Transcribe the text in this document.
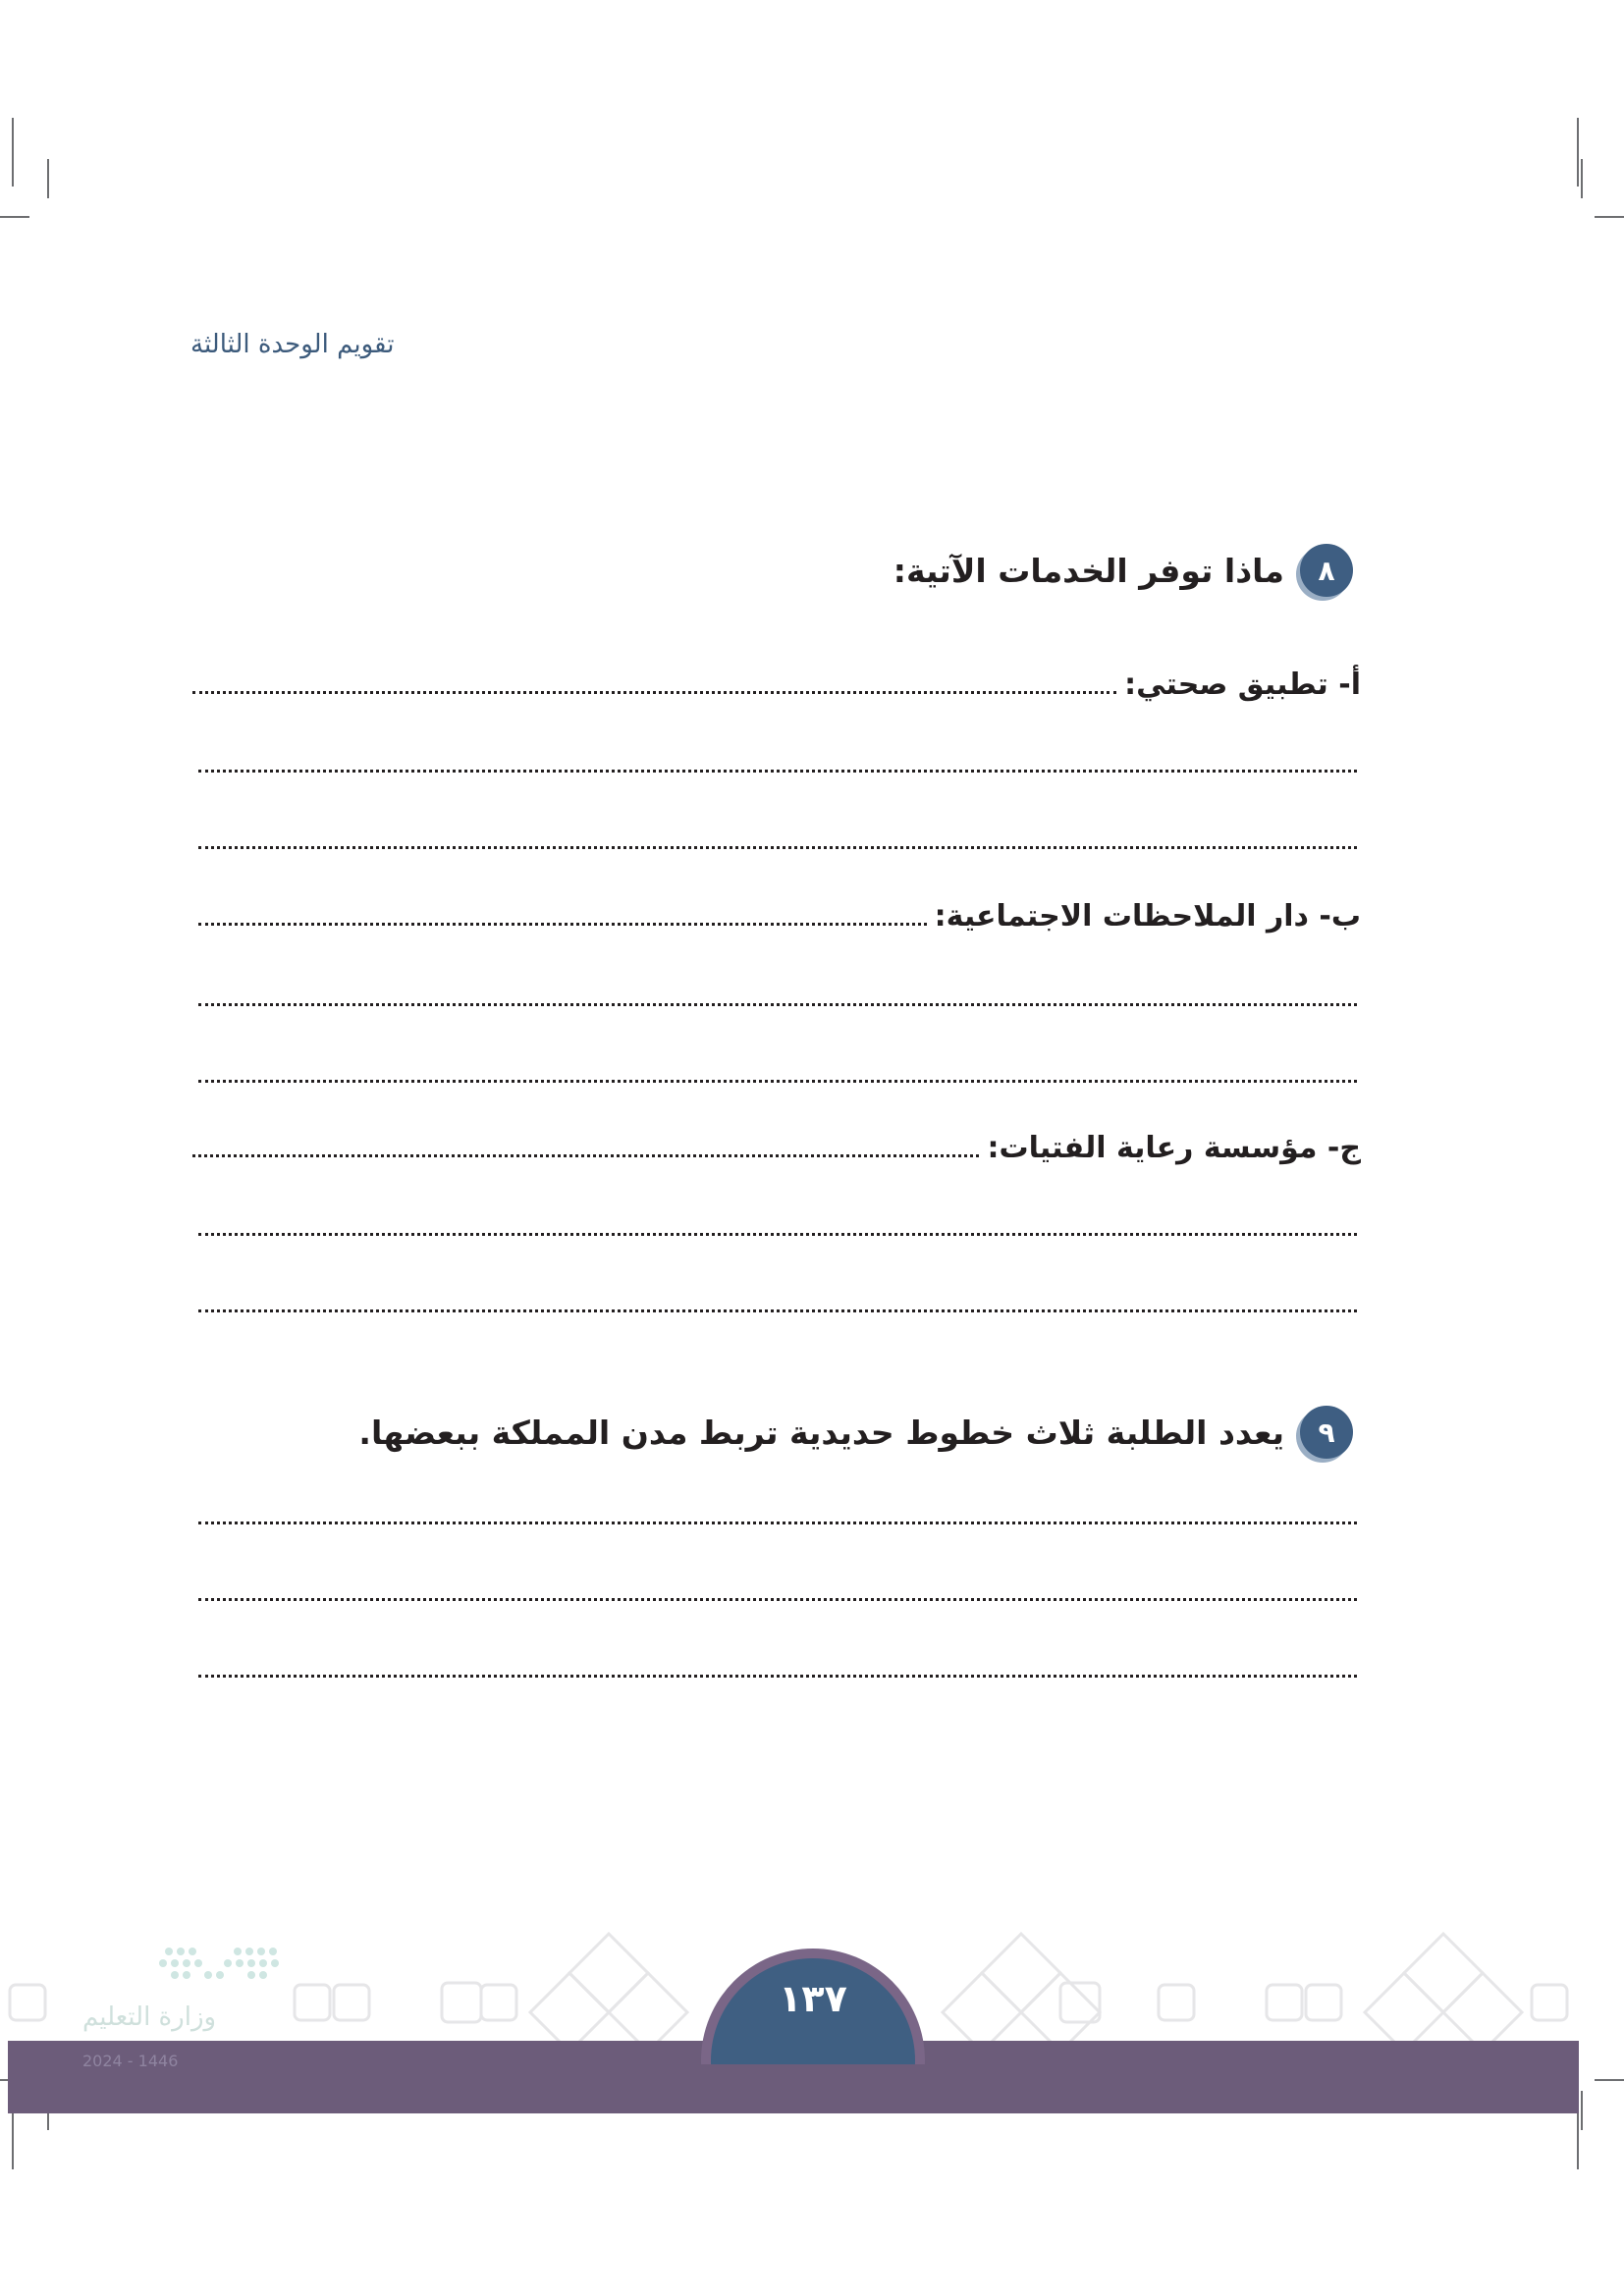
تقويم الوحدة الثالثة
٨
ماذا توفر الخدمات الآتية:
أ- تطبيق صحتي:
ب- دار الملاحظات الاجتماعية:
ج- مؤسسة رعاية الفتيات:
٩
يعدد الطلبة ثلاث خطوط حديدية تربط مدن المملكة ببعضها.
١٣٧
وزارة التعليم
2024 - 1446
